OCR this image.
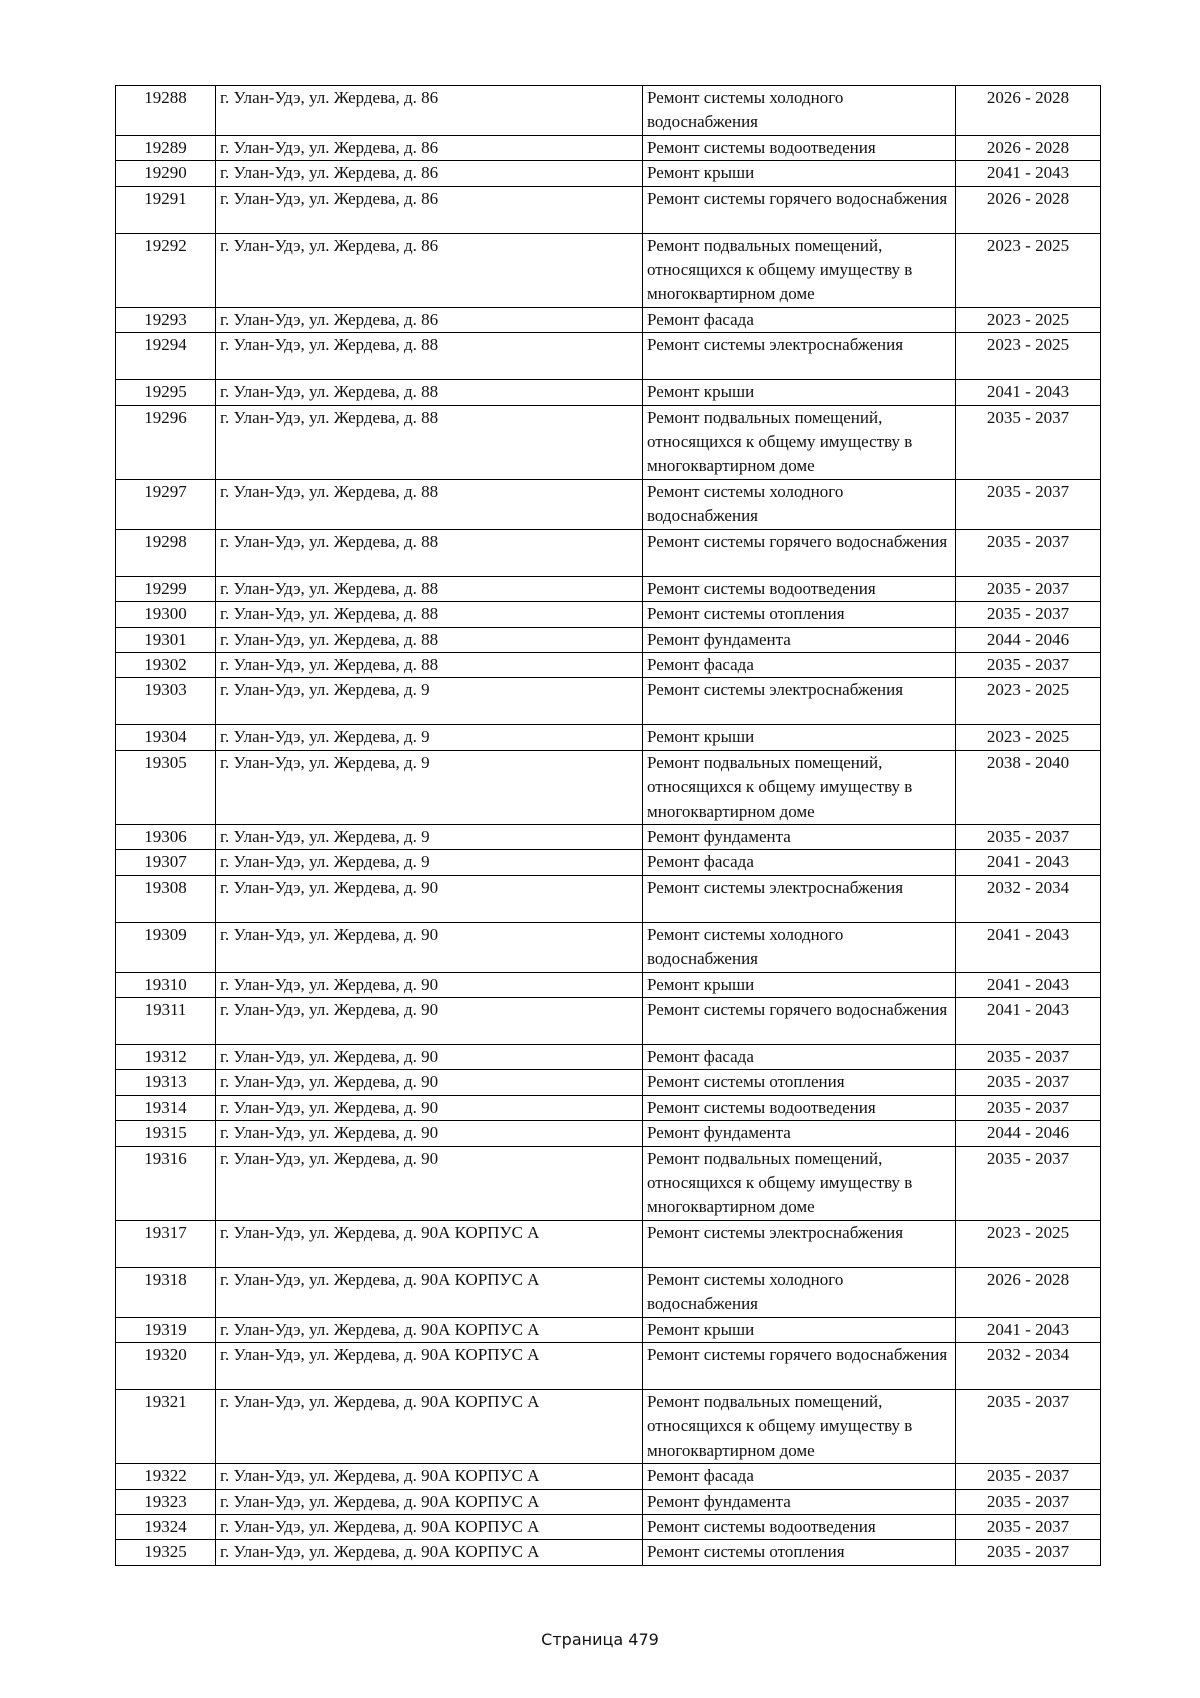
19288	г. Улан-Удэ, ул. Жердева, д. 86	Ремонт системы холодного водоснабжения	2026 - 2028
19289	г. Улан-Удэ, ул. Жердева, д. 86	Ремонт системы водоотведения	2026 - 2028
19290	г. Улан-Удэ, ул. Жердева, д. 86	Ремонт крыши	2041 - 2043
19291	г. Улан-Удэ, ул. Жердева, д. 86	Ремонт системы горячего водоснабжения	2026 - 2028
19292	г. Улан-Удэ, ул. Жердева, д. 86	Ремонт подвальных помещений, относящихся к общему имуществу в многоквартирном доме	2023 - 2025
19293	г. Улан-Удэ, ул. Жердева, д. 86	Ремонт фасада	2023 - 2025
19294	г. Улан-Удэ, ул. Жердева, д. 88	Ремонт системы электроснабжения	2023 - 2025
19295	г. Улан-Удэ, ул. Жердева, д. 88	Ремонт крыши	2041 - 2043
19296	г. Улан-Удэ, ул. Жердева, д. 88	Ремонт подвальных помещений, относящихся к общему имуществу в многоквартирном доме	2035 - 2037
19297	г. Улан-Удэ, ул. Жердева, д. 88	Ремонт системы холодного водоснабжения	2035 - 2037
19298	г. Улан-Удэ, ул. Жердева, д. 88	Ремонт системы горячего водоснабжения	2035 - 2037
19299	г. Улан-Удэ, ул. Жердева, д. 88	Ремонт системы водоотведения	2035 - 2037
19300	г. Улан-Удэ, ул. Жердева, д. 88	Ремонт системы отопления	2035 - 2037
19301	г. Улан-Удэ, ул. Жердева, д. 88	Ремонт фундамента	2044 - 2046
19302	г. Улан-Удэ, ул. Жердева, д. 88	Ремонт фасада	2035 - 2037
19303	г. Улан-Удэ, ул. Жердева, д. 9	Ремонт системы электроснабжения	2023 - 2025
19304	г. Улан-Удэ, ул. Жердева, д. 9	Ремонт крыши	2023 - 2025
19305	г. Улан-Удэ, ул. Жердева, д. 9	Ремонт подвальных помещений, относящихся к общему имуществу в многоквартирном доме	2038 - 2040
19306	г. Улан-Удэ, ул. Жердева, д. 9	Ремонт фундамента	2035 - 2037
19307	г. Улан-Удэ, ул. Жердева, д. 9	Ремонт фасада	2041 - 2043
19308	г. Улан-Удэ, ул. Жердева, д. 90	Ремонт системы электроснабжения	2032 - 2034
19309	г. Улан-Удэ, ул. Жердева, д. 90	Ремонт системы холодного водоснабжения	2041 - 2043
19310	г. Улан-Удэ, ул. Жердева, д. 90	Ремонт крыши	2041 - 2043
19311	г. Улан-Удэ, ул. Жердева, д. 90	Ремонт системы горячего водоснабжения	2041 - 2043
19312	г. Улан-Удэ, ул. Жердева, д. 90	Ремонт фасада	2035 - 2037
19313	г. Улан-Удэ, ул. Жердева, д. 90	Ремонт системы отопления	2035 - 2037
19314	г. Улан-Удэ, ул. Жердева, д. 90	Ремонт системы водоотведения	2035 - 2037
19315	г. Улан-Удэ, ул. Жердева, д. 90	Ремонт фундамента	2044 - 2046
19316	г. Улан-Удэ, ул. Жердева, д. 90	Ремонт подвальных помещений, относящихся к общему имуществу в многоквартирном доме	2035 - 2037
19317	г. Улан-Удэ, ул. Жердева, д. 90А КОРПУС А	Ремонт системы электроснабжения	2023 - 2025
19318	г. Улан-Удэ, ул. Жердева, д. 90А КОРПУС А	Ремонт системы холодного водоснабжения	2026 - 2028
19319	г. Улан-Удэ, ул. Жердева, д. 90А КОРПУС А	Ремонт крыши	2041 - 2043
19320	г. Улан-Удэ, ул. Жердева, д. 90А КОРПУС А	Ремонт системы горячего водоснабжения	2032 - 2034
19321	г. Улан-Удэ, ул. Жердева, д. 90А КОРПУС А	Ремонт подвальных помещений, относящихся к общему имуществу в многоквартирном доме	2035 - 2037
19322	г. Улан-Удэ, ул. Жердева, д. 90А КОРПУС А	Ремонт фасада	2035 - 2037
19323	г. Улан-Удэ, ул. Жердева, д. 90А КОРПУС А	Ремонт фундамента	2035 - 2037
19324	г. Улан-Удэ, ул. Жердева, д. 90А КОРПУС А	Ремонт системы водоотведения	2035 - 2037
19325	г. Улан-Удэ, ул. Жердева, д. 90А КОРПУС А	Ремонт системы отопления	2035 - 2037
Страница 479
